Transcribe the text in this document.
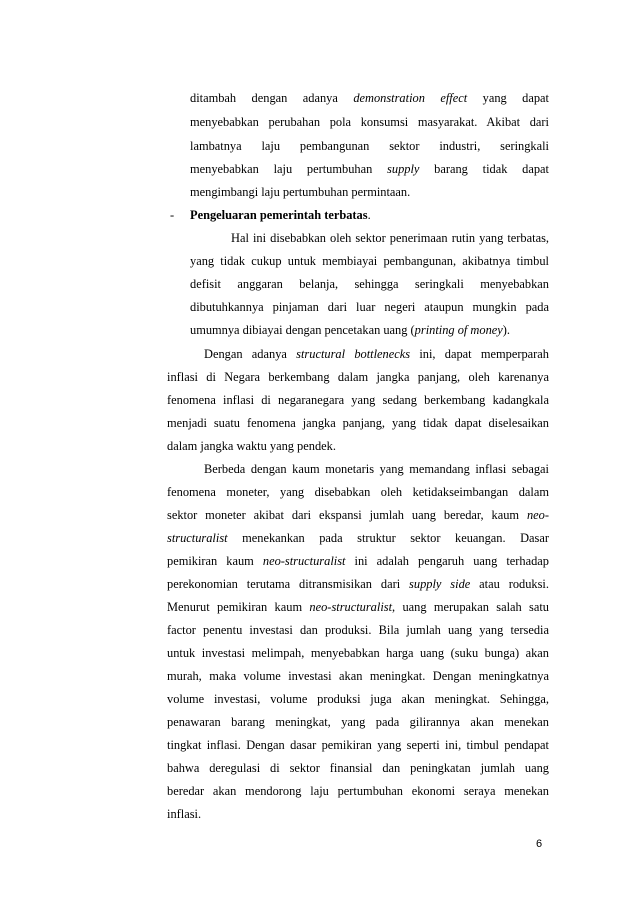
ditambah dengan adanya demonstration effect yang dapat
menyebabkan perubahan pola konsumsi masyarakat. Akibat dari
lambatnya laju pembangunan sektor industri, seringkali
menyebabkan laju pertumbuhan supply barang tidak dapat
mengimbangi laju pertumbuhan permintaan.
- Pengeluaran pemerintah terbatas.
Hal ini disebabkan oleh sektor penerimaan rutin yang terbatas,
yang tidak cukup untuk membiayai pembangunan, akibatnya timbul
defisit anggaran belanja, sehingga seringkali menyebabkan
dibutuhkannya pinjaman dari luar negeri ataupun mungkin pada
umumnya dibiayai dengan pencetakan uang (printing of money).
Dengan adanya structural bottlenecks ini, dapat memperparah
inflasi di Negara berkembang dalam jangka panjang, oleh karenanya
fenomena inflasi di negaranegara yang sedang berkembang kadangkala
menjadi suatu fenomena jangka panjang, yang tidak dapat diselesaikan
dalam jangka waktu yang pendek.
Berbeda dengan kaum monetaris yang memandang inflasi sebagai
fenomena moneter, yang disebabkan oleh ketidakseimbangan dalam
sektor moneter akibat dari ekspansi jumlah uang beredar, kaum neo-
structuralist menekankan pada struktur sektor keuangan. Dasar
pemikiran kaum neo-structuralist ini adalah pengaruh uang terhadap
perekonomian terutama ditransmisikan dari supply side atau roduksi.
Menurut pemikiran kaum neo-structuralist, uang merupakan salah satu
factor penentu investasi dan produksi. Bila jumlah uang yang tersedia
untuk investasi melimpah, menyebabkan harga uang (suku bunga) akan
murah, maka volume investasi akan meningkat. Dengan meningkatnya
volume investasi, volume produksi juga akan meningkat. Sehingga,
penawaran barang meningkat, yang pada gilirannya akan menekan
tingkat inflasi. Dengan dasar pemikiran yang seperti ini, timbul pendapat
bahwa deregulasi di sektor finansial dan peningkatan jumlah uang
beredar akan mendorong laju pertumbuhan ekonomi seraya menekan
inflasi.
6
